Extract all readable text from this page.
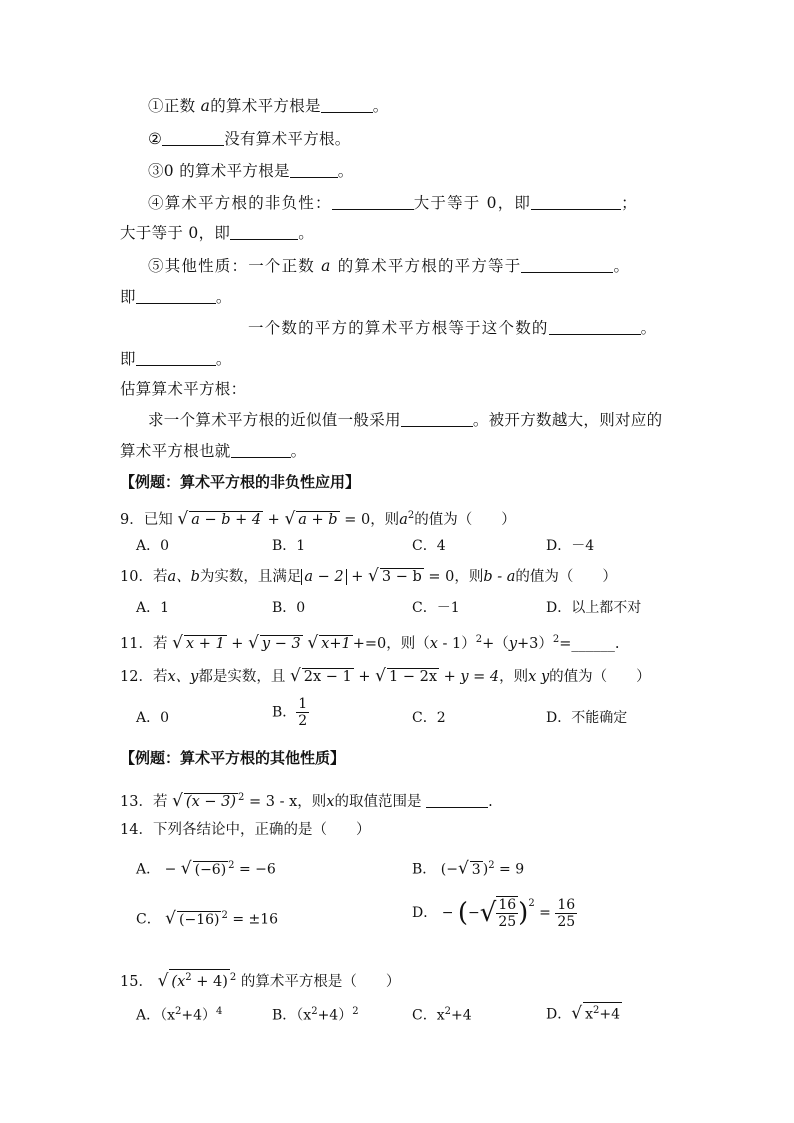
①正数 a的算术平方根是	。
②	没有算术平方根。
③0 的算术平方根是	。
④算术平方根的非负性：	大于等于 0，即	；
大于等于 0，即	。
⑤其他性质：一个正数 a 的算术平方根的平方等于	。
即	。
一个数的平方的算术平方根等于这个数的	。
即	。
估算算术平方根：
求一个算术平方根的近似值一般采用	。被开方数越大，则对应的
算术平方根也就	。
【例题：算术平方根的非负性应用】
9．已知 √ a − b + 4 + √ a + b = 0，则$a^2$的值为（　　）
A．0	B．1	C．4	D．－4
10．若a、b为实数，且满足 a − 2 + √ 3 − b = 0，则b - a的值为（　　）
A．1	B．0	C．－1	D．以上都不对
11．若 √ x + 1 + √ y − 3 √ x+1 +=0，则$(x - 1)^2+(y+3)^2=\_\_\_\_\_\_$.
12．若x、y都是实数，且 √ 2x − 1 + √ 1 − 2x + y = 4，则x y的值为（　　）
A．0	B． $\frac{1}{2}$	C．2	D．不能确定
【例题：算术平方根的其他性质】
13．若 √ (x − 3) $^2$ = 3 - x，则x的取值范围是	.
14．下列各结论中，正确的是（　　）
A． − √ (−6) $^2$ = −6	B． (−√ 3 )$^2$ = 9
C． √ (−16) $^2$ = ±16	D． − (−√ $\frac{16}{25} )^2 = \frac{16}{25}$
15． √ $(x^2 + 4)$ $^2$ 的算术平方根是（　　）
A．$(x^2+4)^4$	B．$(x^2+4)^2$	C．$x^2+4$	D．√ $x^2+4$
